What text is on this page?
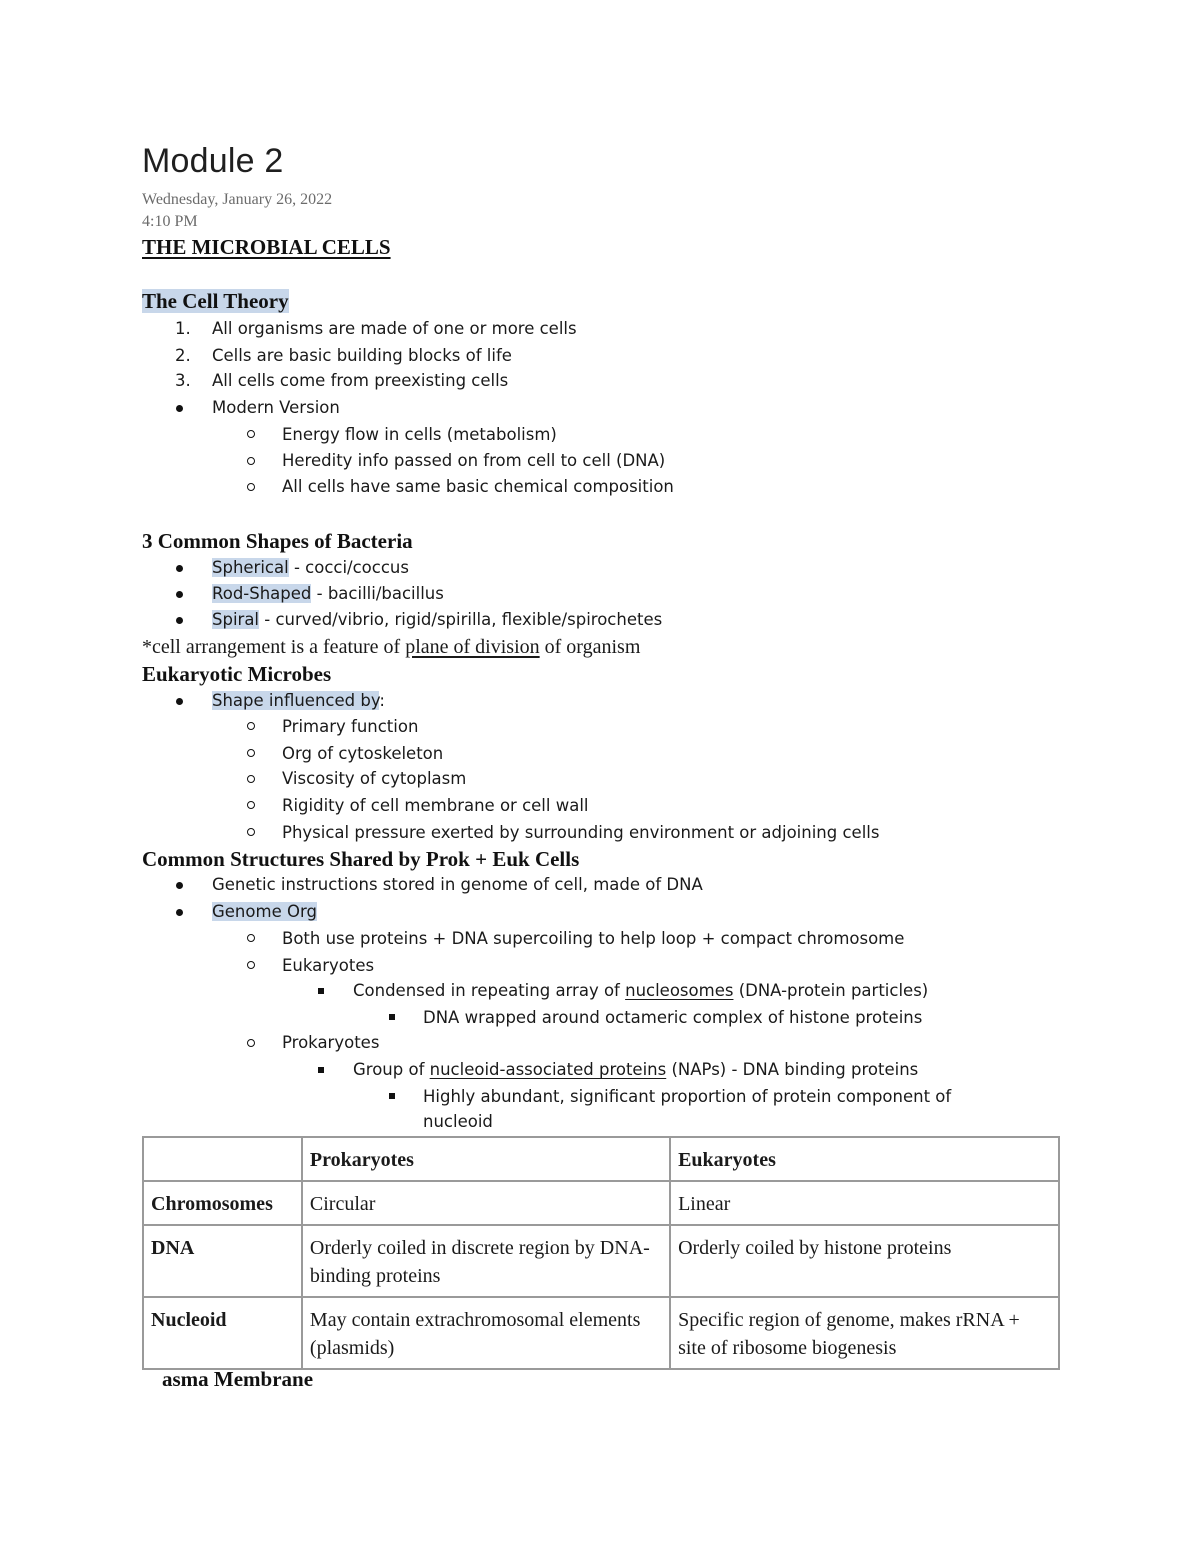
Module 2
Wednesday, January 26, 2022
4:10 PM
THE MICROBIAL CELLS
The Cell Theory
1. All organisms are made of one or more cells
2. Cells are basic building blocks of life
3. All cells come from preexisting cells
Modern Version
Energy flow in cells (metabolism)
Heredity info passed on from cell to cell (DNA)
All cells have same basic chemical composition
3 Common Shapes of Bacteria
Spherical - cocci/coccus
Rod-Shaped - bacilli/bacillus
Spiral - curved/vibrio, rigid/spirilla, flexible/spirochetes
*cell arrangement is a feature of plane of division of organism
Eukaryotic Microbes
Shape influenced by:
Primary function
Org of cytoskeleton
Viscosity of cytoplasm
Rigidity of cell membrane or cell wall
Physical pressure exerted by surrounding environment or adjoining cells
Common Structures Shared by Prok + Euk Cells
Genetic instructions stored in genome of cell, made of DNA
Genome Org
Both use proteins + DNA supercoiling to help loop + compact chromosome
Eukaryotes
Condensed in repeating array of nucleosomes (DNA-protein particles)
DNA wrapped around octameric complex of histone proteins
Prokaryotes
Group of nucleoid-associated proteins (NAPs) - DNA binding proteins
Highly abundant, significant proportion of protein component of
nucleoid
	Prokaryotes	Eukaryotes
Chromosomes	Circular	Linear
DNA	Orderly coiled in discrete region by DNA-binding proteins	Orderly coiled by histone proteins
Nucleoid	May contain extrachromosomal elements (plasmids)	Specific region of genome, makes rRNA + site of ribosome biogenesis
asma Membrane
